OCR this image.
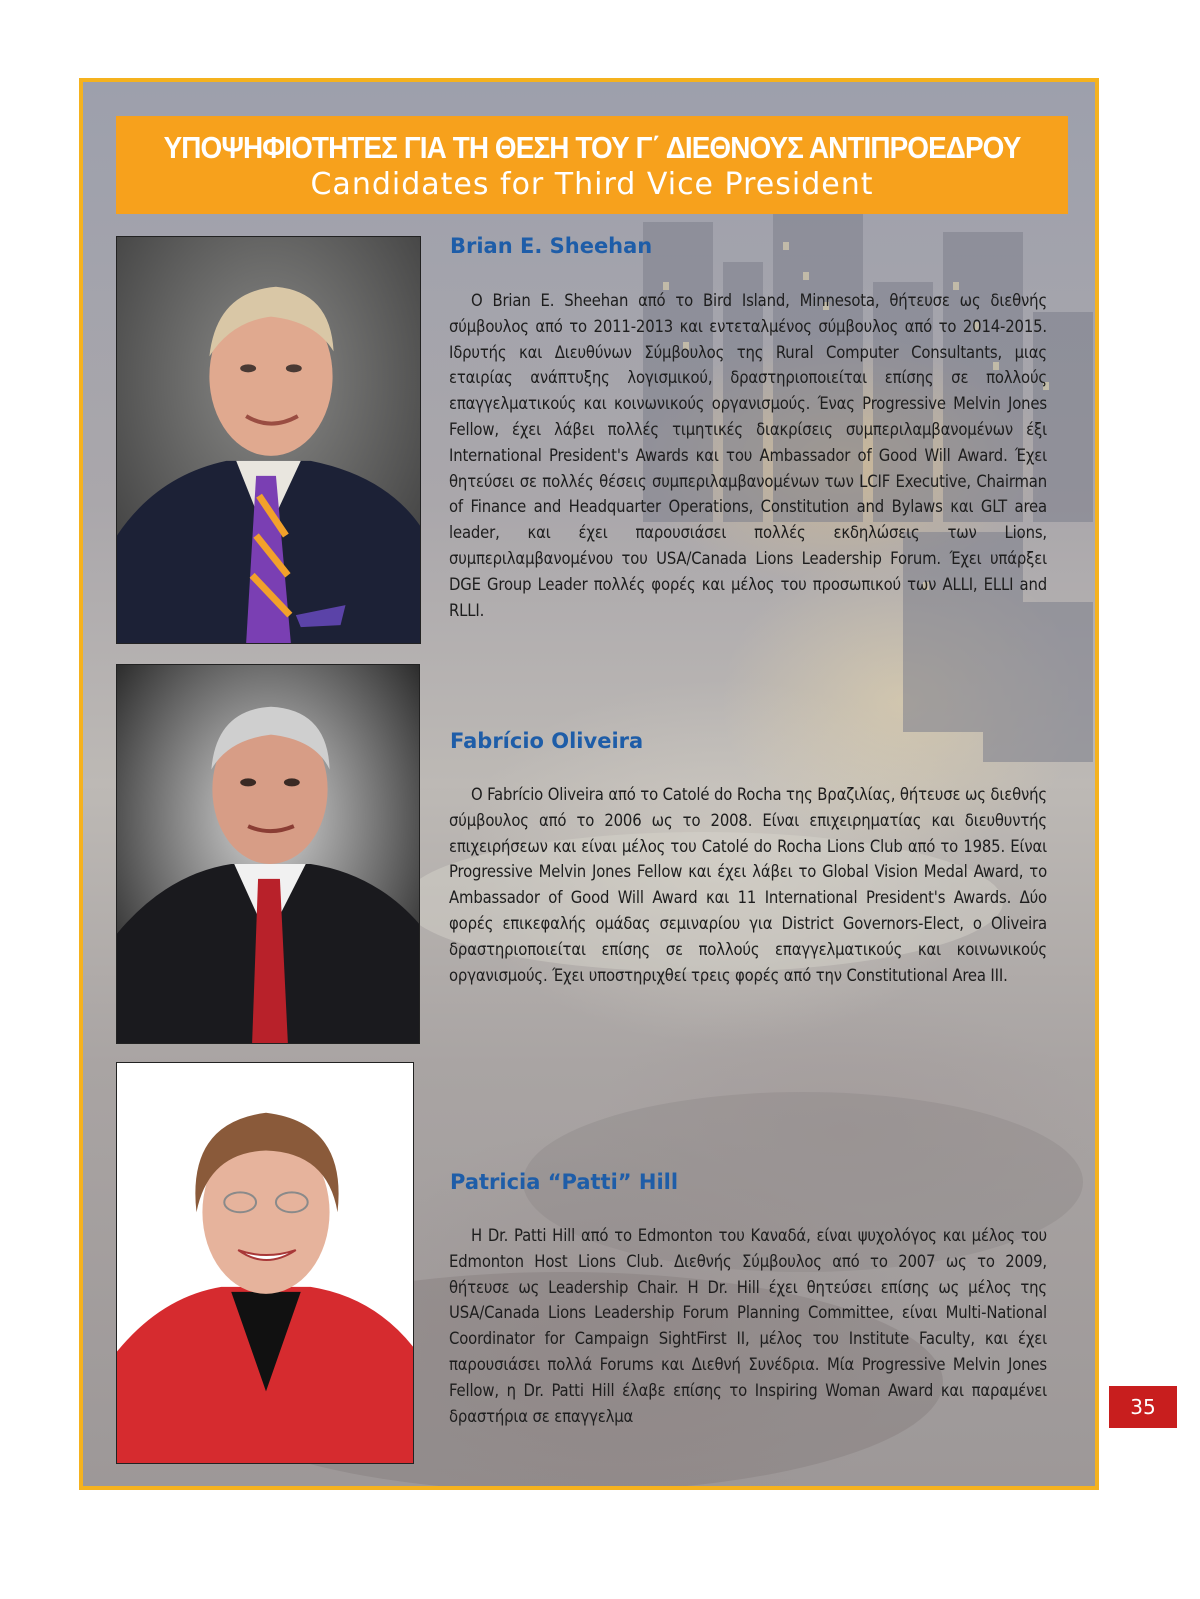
ΥΠΟΨΗΦΙΟΤΗΤΕΣ ΓΙΑ ΤΗ ΘΕΣΗ ΤΟΥ Γ΄ ΔΙΕΘΝΟΥΣ ΑΝΤΙΠΡΟΕΔΡΟΥ
Candidates for Third Vice President
Brian E. Sheehan

Ο Brian E. Sheehan από το Bird Island, Minnesota, θήτευσε ως διεθνής σύμβουλος από το 2011-2013 και εντεταλμένος σύμβουλος από το 2014-2015. Ιδρυτής και Διευθύνων Σύμβουλος της Rural Computer Consultants, μιας εταιρίας ανάπτυξης λογισμικού, δραστηριοποιείται επίσης σε πολλούς επαγγελματικούς και κοινωνικούς οργανισμούς. Ένας Progressive Melvin Jones Fellow, έχει λάβει πολλές τιμητικές διακρίσεις συμπεριλαμβανομένων έξι International President's Awards και του Ambassador of Good Will Award. Έχει θητεύσει σε πολλές θέσεις συμπεριλαμβανομένων των LCIF Executive, Chairman of Finance and Headquarter Operations, Constitution and Bylaws και GLT area leader, και έχει παρουσιάσει πολλές εκδηλώσεις των Lions, συμπεριλαμβανομένου του USA/Canada Lions Leadership Forum. Έχει υπάρξει DGE Group Leader πολλές φορές και μέλος του προσωπικού των ALLI, ELLI and RLLI.

Fabrício Oliveira

Ο Fabrício Oliveira από το Catolé do Rocha της Βραζιλίας, θήτευσε ως διεθνής σύμβουλος από το 2006 ως το 2008. Είναι επιχειρηματίας και διευθυντής επιχειρήσεων και είναι μέλος του Catolé do Rocha Lions Club από το 1985. Είναι Progressive Melvin Jones Fellow και έχει λάβει το Global Vision Medal Award, το Ambassador of Good Will Award και 11 International President's Awards. Δύο φορές επικεφαλής ομάδας σεμιναρίου για District Governors-Elect, ο Oliveira δραστηριοποιείται επίσης σε πολλούς επαγγελματικούς και κοινωνικούς οργανισμούς. Έχει υποστηριχθεί τρεις φορές από την Constitutional Area III.

Patricia “Patti” Hill

Η Dr. Patti Hill από το Edmonton του Καναδά, είναι ψυχολόγος και μέλος του Edmonton Host Lions Club. Διεθνής Σύμβουλος από το 2007 ως το 2009, θήτευσε ως Leadership Chair. Η Dr. Hill έχει θητεύσει επίσης ως μέλος της USA/Canada Lions Leadership Forum Planning Committee, είναι Multi-National Coordinator for Campaign SightFirst II, μέλος του Institute Faculty, και έχει παρουσιάσει πολλά Forums και Διεθνή Συνέδρια. Μία Progressive Melvin Jones Fellow, η Dr. Patti Hill έλαβε επίσης το Inspiring Woman Award και παραμένει δραστήρια σε επαγγελμα	35
